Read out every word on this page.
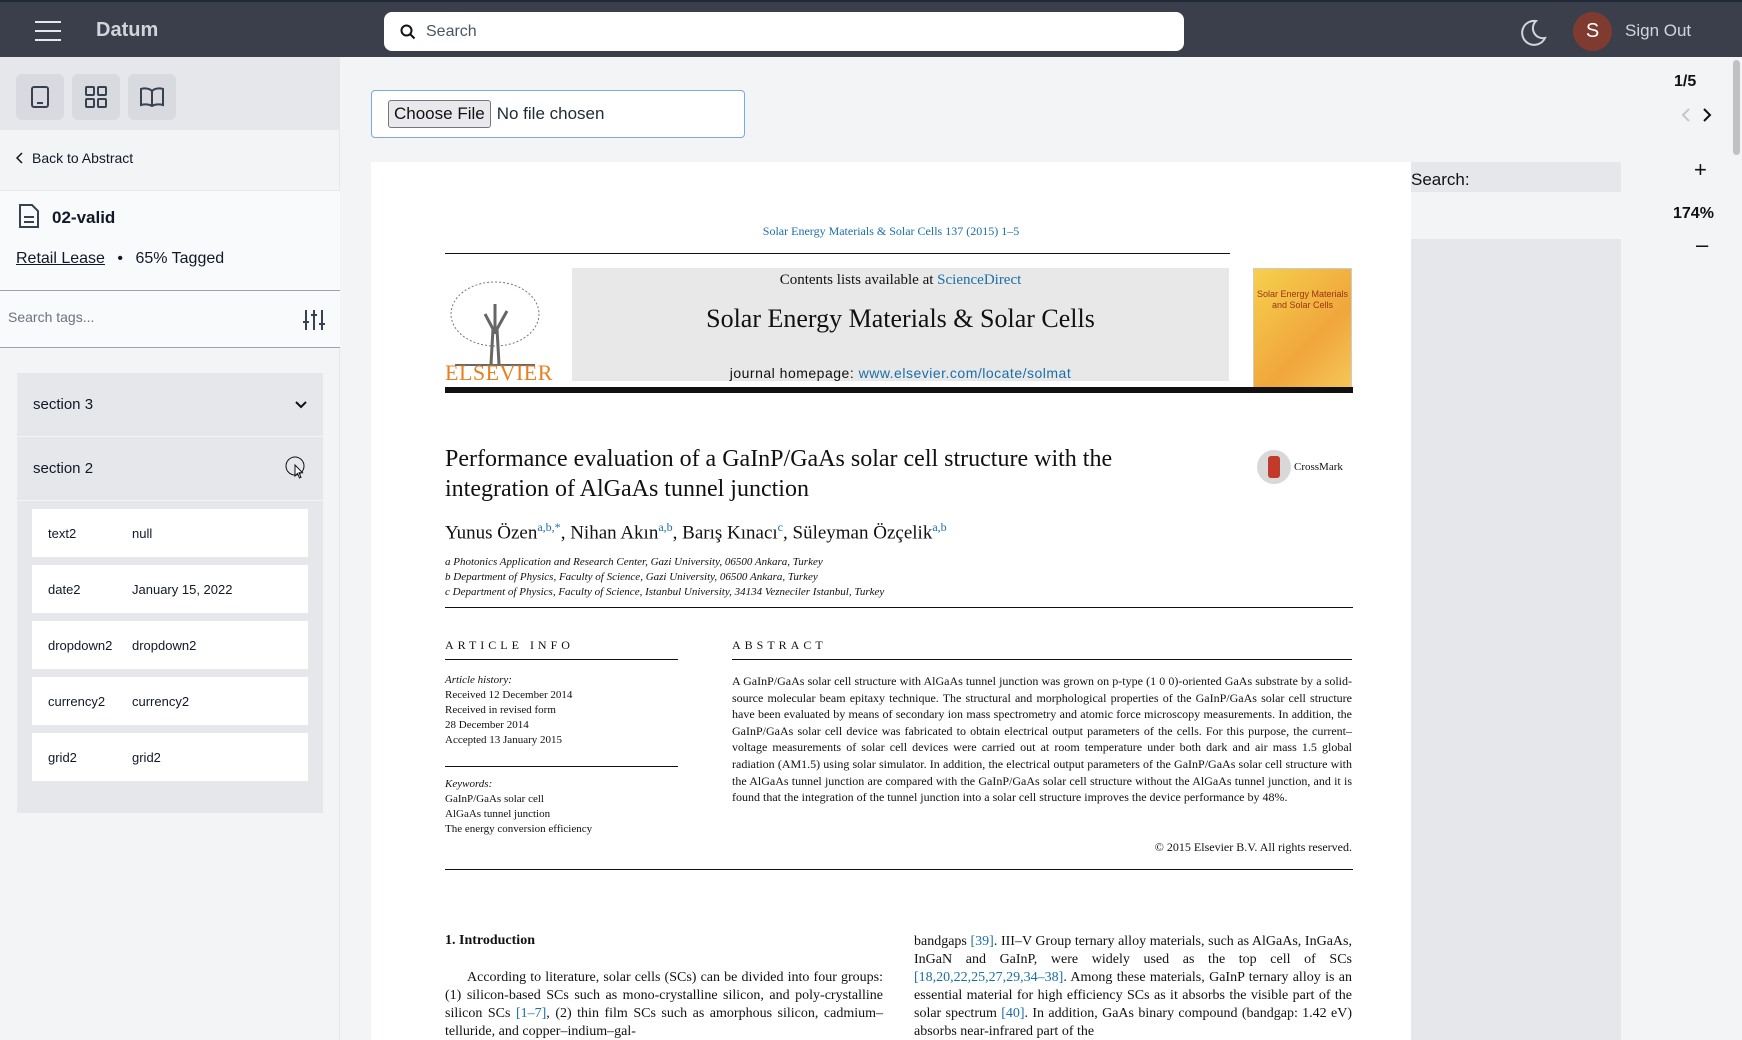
Datum
Search	S	Sign Out
Back to Abstract
02-valid
Retail Lease • 65% Tagged
Search tags...
section 3
section 2
text2	null
date2	January 15, 2022
dropdown2	dropdown2
currency2	currency2
grid2	grid2
Choose File No file chosen
Solar Energy Materials & Solar Cells 137 (2015) 1–5
ELSEVIER
Contents lists available at ScienceDirect
Solar Energy Materials & Solar Cells
journal homepage: www.elsevier.com/locate/solmat
Solar Energy Materials and Solar Cells
Performance evaluation of a GaInP/GaAs solar cell structure with the integration of AlGaAs tunnel junction
CrossMark
Yunus Özen$^{a,b,*}$, Nihan Akın$^{a,b}$, Barış Kınacı$^c$, Süleyman Özçelik$^{a,b}$
a Photonics Application and Research Center, Gazi University, 06500 Ankara, Turkey
b Department of Physics, Faculty of Science, Gazi University, 06500 Ankara, Turkey
c Department of Physics, Faculty of Science, Istanbul University, 34134 Vezneciler Istanbul, Turkey
ARTICLE INFO	ABSTRACT
Article history:
Received 12 December 2014
Received in revised form
28 December 2014
Accepted 13 January 2015
Keywords:
GaInP/GaAs solar cell
AlGaAs tunnel junction
The energy conversion efficiency
A GaInP/GaAs solar cell structure with AlGaAs tunnel junction was grown on p-type (1 0 0)-oriented GaAs substrate by a solid-source molecular beam epitaxy technique. The structural and morphological properties of the GaInP/GaAs solar cell structure have been evaluated by means of secondary ion mass spectrometry and atomic force microscopy measurements. In addition, the GaInP/GaAs solar cell device was fabricated to obtain electrical output parameters of the cells. For this purpose, the current–voltage measurements of solar cell devices were carried out at room temperature under both dark and air mass 1.5 global radiation (AM1.5) using solar simulator. In addition, the electrical output parameters of the GaInP/GaAs solar cell structure with the AlGaAs tunnel junction are compared with the GaInP/GaAs solar cell structure without the AlGaAs tunnel junction, and it is found that the integration of the tunnel junction into a solar cell structure improves the device performance by 48%.
© 2015 Elsevier B.V. All rights reserved.
1. Introduction
According to literature, solar cells (SCs) can be divided into four groups: (1) silicon-based SCs such as mono-crystalline silicon, and poly-crystalline silicon SCs [1–7], (2) thin film SCs such as amorphous silicon, cadmium–telluride, and copper–indium–gal-
bandgaps [39]. III–V Group ternary alloy materials, such as AlGaAs, InGaAs, InGaN and GaInP, were widely used as the top cell of SCs [18,20,22,25,27,29,34–38]. Among these materials, GaInP ternary alloy is an essential material for high efficiency SCs as it absorbs the visible part of the solar spectrum [40]. In addition, GaAs binary compound (bandgap: 1.42 eV) absorbs near-infrared part of the
Search:
1/5
+
174%
–
